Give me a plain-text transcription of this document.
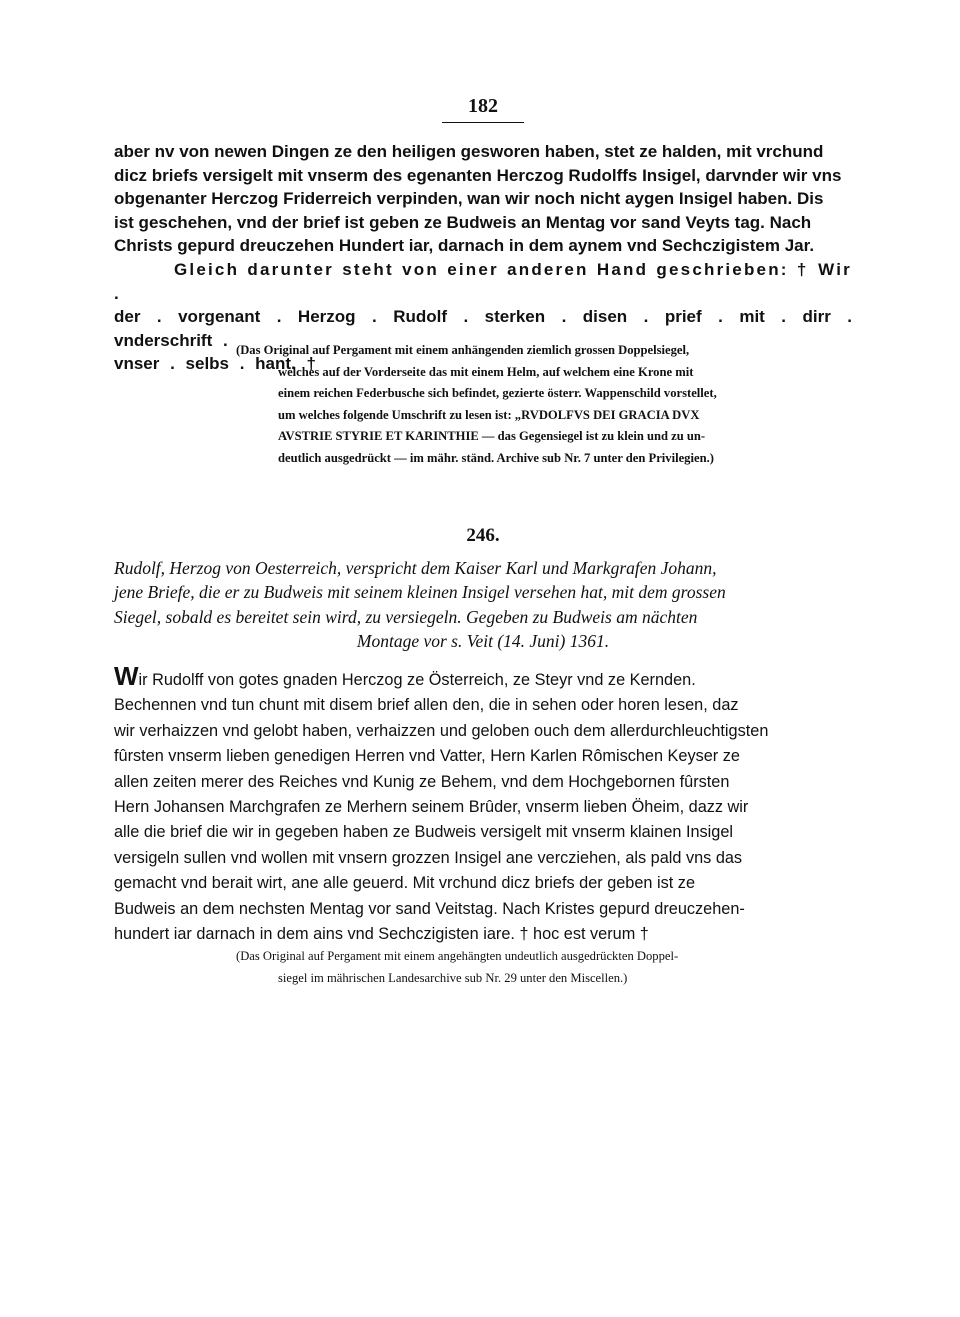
182
aber nv von newen Dingen ze den heiligen gesworen haben, stet ze halden, mit vrchund
dicz briefs versigelt mit vnserm des egenanten Herczog Rudolffs Insigel, darvnder wir vns
obgenanter Herczog Friderreich verpinden, wan wir noch nicht aygen Insigel haben. Dis
ist geschehen, vnd der brief ist geben ze Budweis an Mentag vor sand Veyts tag. Nach
Christs gepurd dreuczehen Hundert iar, darnach in dem aynem vnd Sechczigistem Jar.

Gleich darunter steht von einer anderen Hand geschrieben: † Wir .

der . vorgenant . Herzog . Rudolf . sterken . disen . prief . mit . dirr . vnderschrift .
vnser . selbs . hant. †
(Das Original auf Pergament mit einem anhängenden ziemlich grossen Doppelsiegel,
welches auf der Vorderseite das mit einem Helm, auf welchem eine Krone mit
einem reichen Federbusche sich befindet, gezierte österr. Wappenschild vorstellet,
um welches folgende Umschrift zu lesen ist: „RVDOLFVS DEI GRACIA DVX
AVSTRIE STYRIE ET KARINTHIE — das Gegensiegel ist zu klein und zu un-
deutlich ausgedrückt — im mähr. ständ. Archive sub Nr. 7 unter den Privilegien.)
246.
Rudolf, Herzog von Oesterreich, verspricht dem Kaiser Karl und Markgrafen Johann,
jene Briefe, die er zu Budweis mit seinem kleinen Insigel versehen hat, mit dem grossen
Siegel, sobald es bereitet sein wird, zu versiegeln. Gegeben zu Budweis am nächten
Montage vor s. Veit (14. Juni) 1361.
Wir Rudolff von gotes gnaden Herczog ze Österreich, ze Steyr vnd ze Kernden.
Bechennen vnd tun chunt mit disem brief allen den, die in sehen oder horen lesen, daz
wir verhaizzen vnd gelobt haben, verhaizzen und geloben ouch dem allerdurchleuchtigsten
fûrsten vnserm lieben genedigen Herren vnd Vatter, Hern Karlen Rômischen Keyser ze
allen zeiten merer des Reiches vnd Kunig ze Behem, vnd dem Hochgebornen fûrsten
Hern Johansen Marchgrafen ze Merhern seinem Brûder, vnserm lieben Öheim, dazz wir
alle die brief die wir in gegeben haben ze Budweis versigelt mit vnserm klainen Insigel
versigeln sullen vnd wollen mit vnsern grozzen Insigel ane vercziehen, als pald vns das
gemacht vnd berait wirt, ane alle geuerd. Mit vrchund dicz briefs der geben ist ze
Budweis an dem nechsten Mentag vor sand Veitstag. Nach Kristes gepurd dreuczehen-
hundert iar darnach in dem ains vnd Sechczigisten iare. † hoc est verum †
(Das Original auf Pergament mit einem angehängten undeutlich ausgedrückten Doppel-
siegel im mährischen Landesarchive sub Nr. 29 unter den Miscellen.)
